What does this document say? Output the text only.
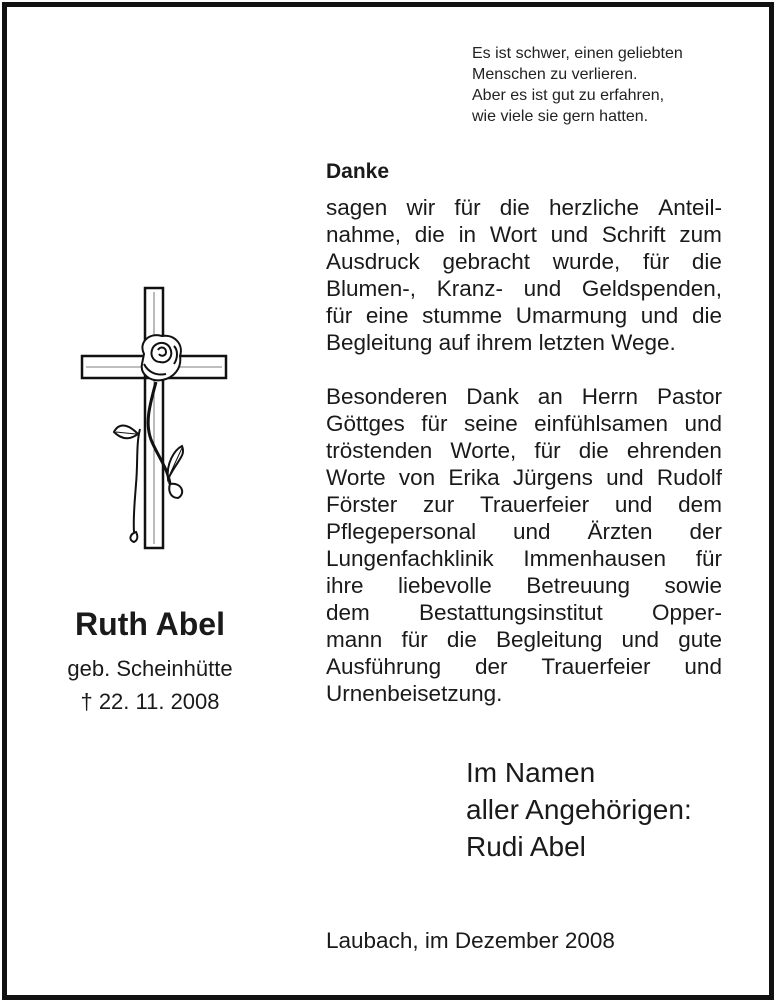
Es ist schwer, einen geliebten
Menschen zu verlieren.
Aber es ist gut zu erfahren,
wie viele sie gern hatten.
Danke
sagen wir für die herzliche Anteil-
nahme, die in Wort und Schrift zum
Ausdruck gebracht wurde, für die
Blumen-, Kranz- und Geldspenden,
für eine stumme Umarmung und die
Begleitung auf ihrem letzten Wege.
Besonderen Dank an Herrn Pastor
Göttges für seine einfühlsamen und
tröstenden Worte, für die ehrenden
Worte von Erika Jürgens und Rudolf
Förster zur Trauerfeier und dem
Pflegepersonal und Ärzten der
Lungenfachklinik Immenhausen für
ihre liebevolle Betreuung sowie
dem Bestattungsinstitut Opper-
mann für die Begleitung und gute
Ausführung der Trauerfeier und
Urnenbeisetzung.
Ruth Abel
geb. Scheinhütte
† 22. 11. 2008
Im Namen
aller Angehörigen:
Rudi Abel
Laubach, im Dezember 2008
